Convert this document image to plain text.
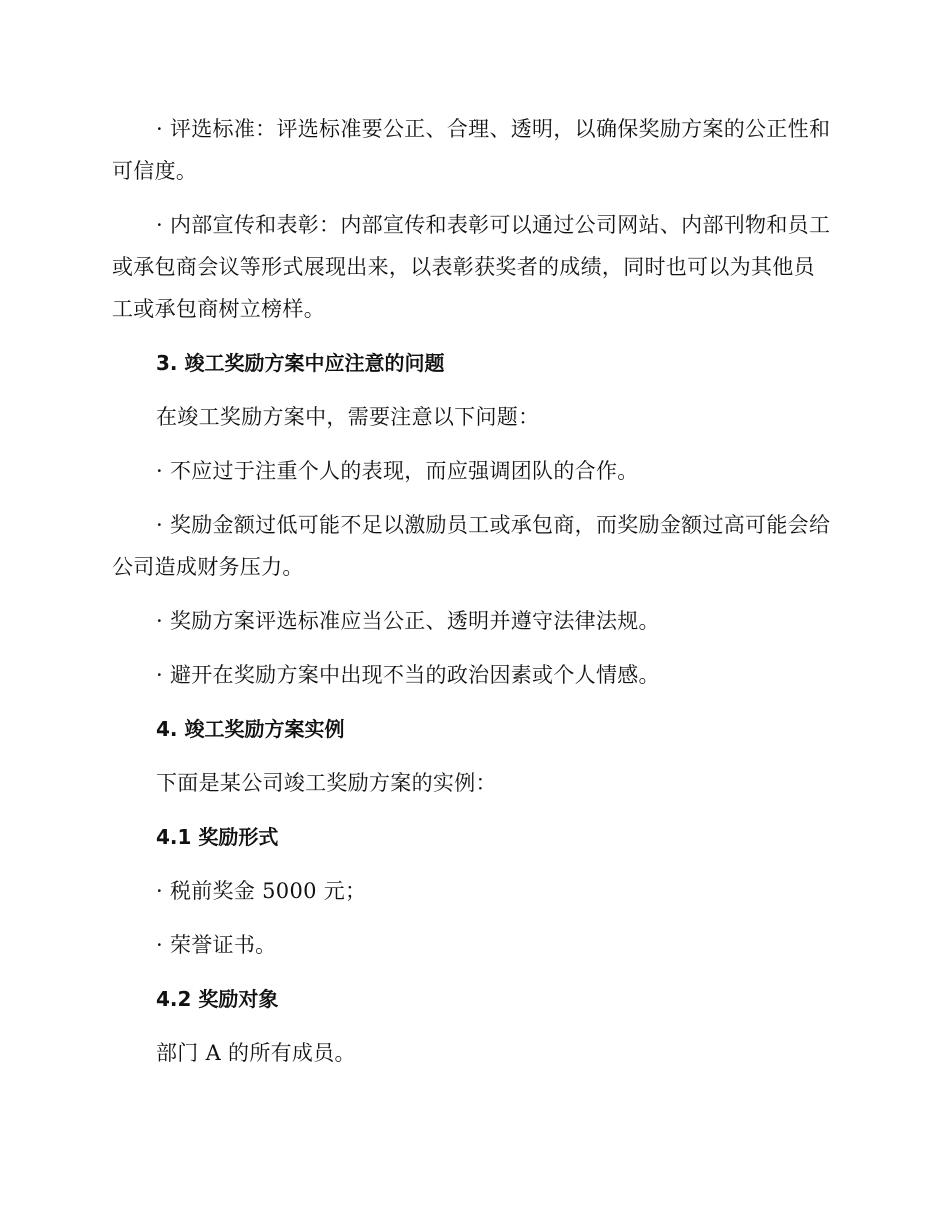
· 评选标准：评选标准要公正、合理、透明，以确保奖励方案的公正性和可信度。

· 内部宣传和表彰：内部宣传和表彰可以通过公司网站、内部刊物和员工或承包商会议等形式展现出来，以表彰获奖者的成绩，同时也可以为其他员工或承包商树立榜样。

3. 竣工奖励方案中应注意的问题

在竣工奖励方案中，需要注意以下问题：

· 不应过于注重个人的表现，而应强调团队的合作。

· 奖励金额过低可能不足以激励员工或承包商，而奖励金额过高可能会给公司造成财务压力。

· 奖励方案评选标准应当公正、透明并遵守法律法规。

· 避开在奖励方案中出现不当的政治因素或个人情感。

4. 竣工奖励方案实例

下面是某公司竣工奖励方案的实例：

4.1 奖励形式

· 税前奖金 5000 元；

· 荣誉证书。

4.2 奖励对象

部门 A 的所有成员。
